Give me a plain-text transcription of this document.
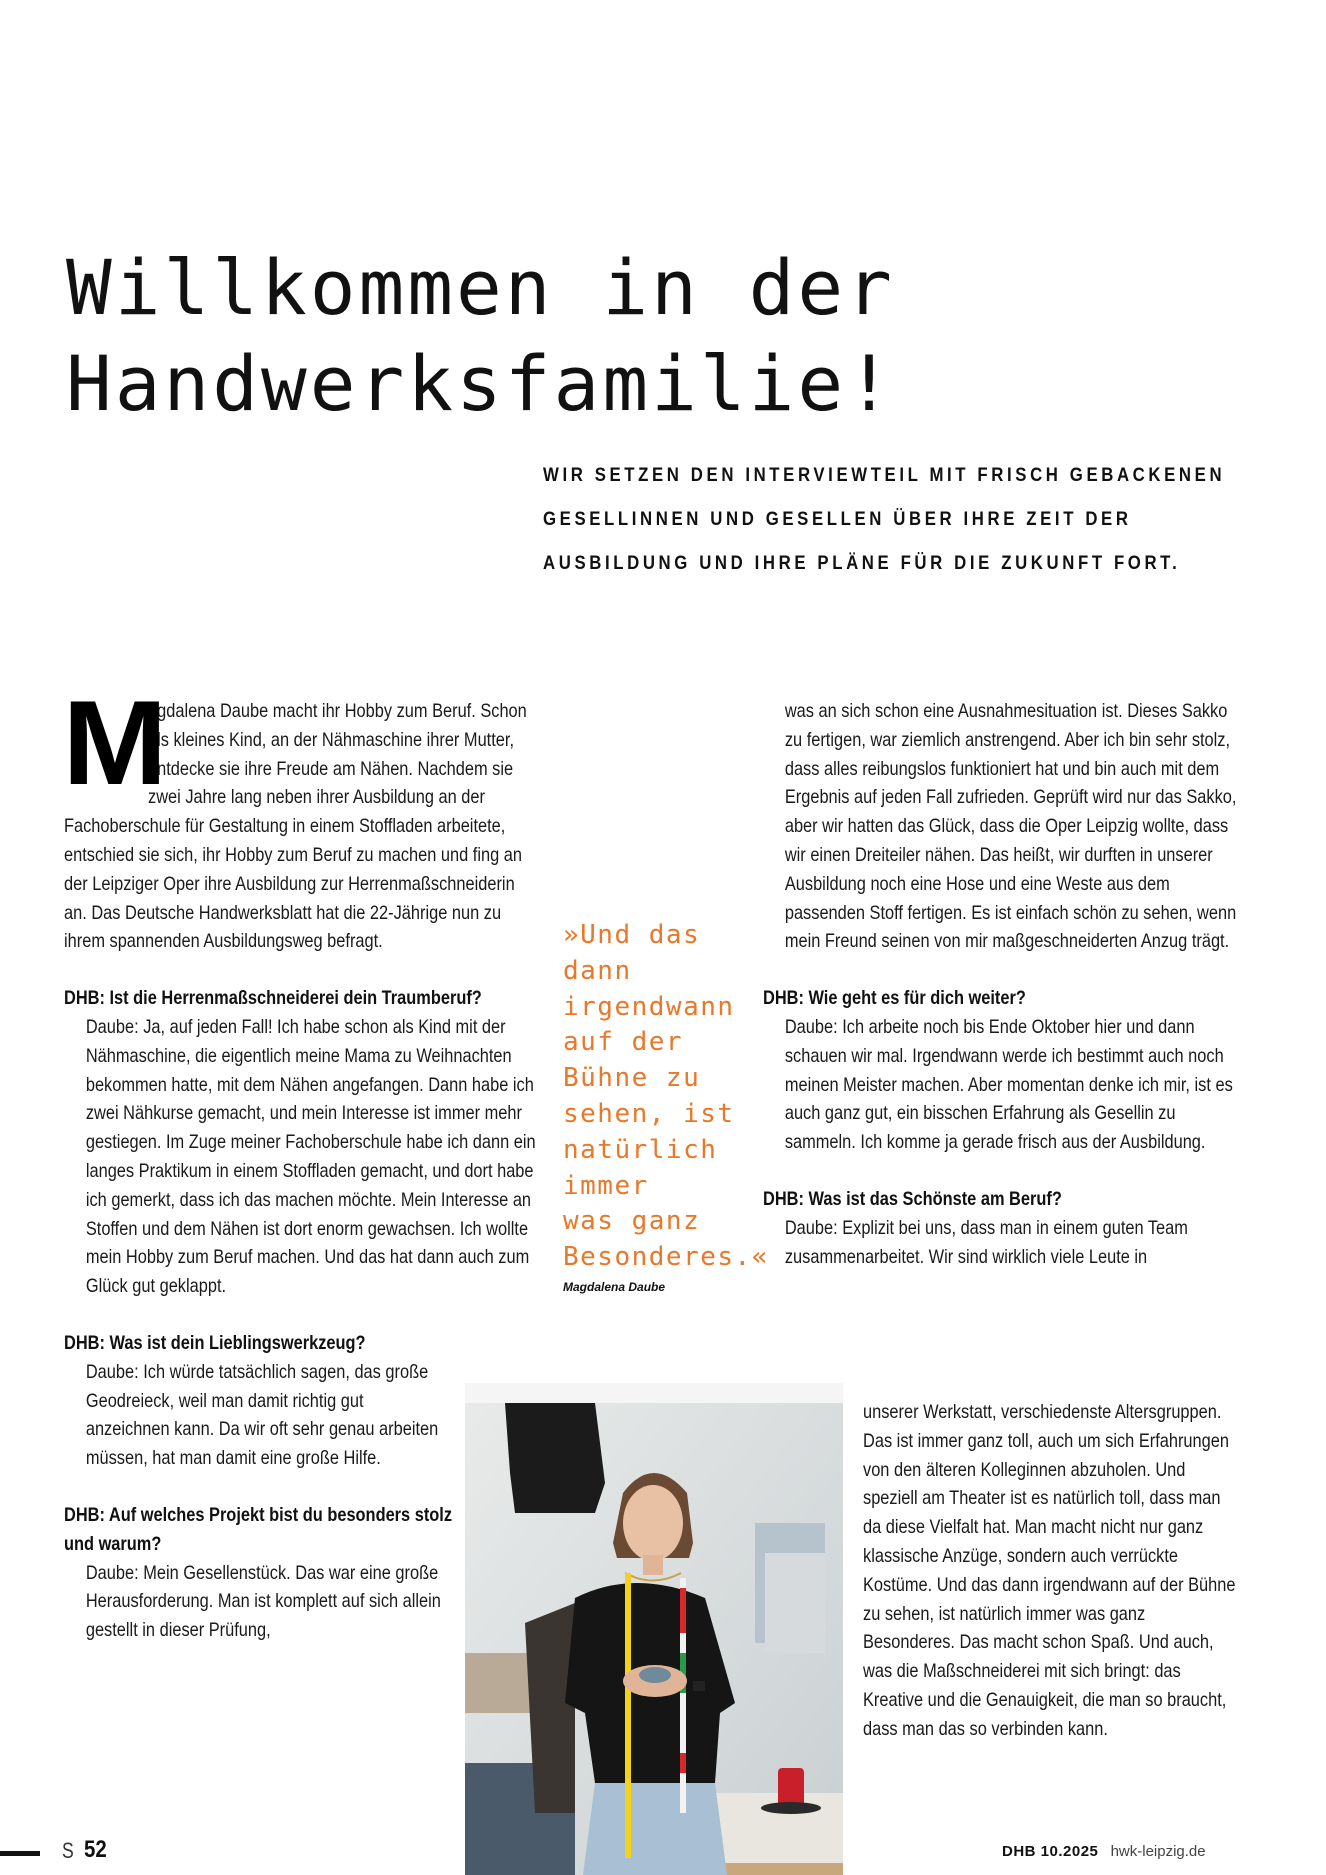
Willkommen in der
Handwerksfamilie!
WIR SETZEN DEN INTERVIEWTEIL MIT FRISCH GEBACKENEN
GESELLINNEN UND GESELLEN ÜBER IHRE ZEIT DER
AUSBILDUNG UND IHRE PLÄNE FÜR DIE ZUKUNFT FORT.

M
agdalena Daube macht ihr Hobby zum Beruf. Schon als kleines Kind, an der Nähmaschine ihrer Mutter, entdecke sie ihre Freude am Nähen. Nachdem sie zwei Jahre lang neben ihrer Ausbildung an der Fachoberschule für Gestaltung in einem Stoffladen arbeitete, entschied sie sich, ihr Hobby zum Beruf zu machen und fing an der Leipziger Oper ihre Ausbildung zur Herrenmaßschneiderin an. Das Deutsche Handwerksblatt hat die 22-Jährige nun zu ihrem spannenden Ausbildungsweg befragt.

DHB: Ist die Herrenmaßschneiderei dein Traumberuf?

Daube: Ja, auf jeden Fall! Ich habe schon als Kind mit der Nähmaschine, die eigentlich meine Mama zu Weihnachten bekommen hatte, mit dem Nähen angefangen. Dann habe ich zwei Nähkurse gemacht, und mein Interesse ist immer mehr gestiegen. Im Zuge meiner Fachoberschule habe ich dann ein langes Praktikum in einem Stoffladen gemacht, und dort habe ich gemerkt, dass ich das machen möchte. Mein Interesse an Stoffen und dem Nähen ist dort enorm gewachsen. Ich wollte mein Hobby zum Beruf machen. Und das hat dann auch zum Glück gut geklappt.

DHB: Was ist dein Lieblingswerkzeug?

Daube: Ich würde tatsächlich sagen, das große Geodreieck, weil man damit richtig gut anzeichnen kann. Da wir oft sehr genau arbeiten müssen, hat man damit eine große Hilfe.

DHB: Auf welches Projekt bist du besonders stolz und warum?

Daube: Mein Gesellenstück. Das war eine große Herausforderung. Man ist komplett auf sich allein gestellt in dieser Prüfung,

»Und das
dann
irgendwann
auf der
Bühne zu
sehen, ist
natürlich
immer
was ganz
Besonderes.«
Magdalena Daube

was an sich schon eine Ausnahmesituation ist. Dieses Sakko zu fertigen, war ziemlich anstrengend. Aber ich bin sehr stolz, dass alles reibungslos funktioniert hat und bin auch mit dem Ergebnis auf jeden Fall zufrieden. Geprüft wird nur das Sakko, aber wir hatten das Glück, dass die Oper Leipzig wollte, dass wir einen Dreiteiler nähen. Das heißt, wir durften in unserer Ausbildung noch eine Hose und eine Weste aus dem passenden Stoff fertigen. Es ist einfach schön zu sehen, wenn mein Freund seinen von mir maßgeschneiderten Anzug trägt.

DHB: Wie geht es für dich weiter?

Daube: Ich arbeite noch bis Ende Oktober hier und dann schauen wir mal. Irgendwann werde ich bestimmt auch noch meinen Meister machen. Aber momentan denke ich mir, ist es auch ganz gut, ein bisschen Erfahrung als Gesellin zu sammeln. Ich komme ja gerade frisch aus der Ausbildung.

DHB: Was ist das Schönste am Beruf?

Daube: Explizit bei uns, dass man in einem guten Team zusammenarbeitet. Wir sind wirklich viele Leute in

unserer Werkstatt, verschiedenste Altersgruppen. Das ist immer ganz toll, auch um sich Erfahrungen von den älteren Kolleginnen abzuholen. Und speziell am Theater ist es natürlich toll, dass man da diese Vielfalt hat. Man macht nicht nur ganz klassische Anzüge, sondern auch verrückte Kostüme. Und das dann irgendwann auf der Bühne zu sehen, ist natürlich immer was ganz Besonderes. Das macht schon Spaß. Und auch, was die Maßschneiderei mit sich bringt: das Kreative und die Genauigkeit, die man so braucht, dass man das so verbinden kann.

S 52	DHB 10.2025 hwk-leipzig.de
